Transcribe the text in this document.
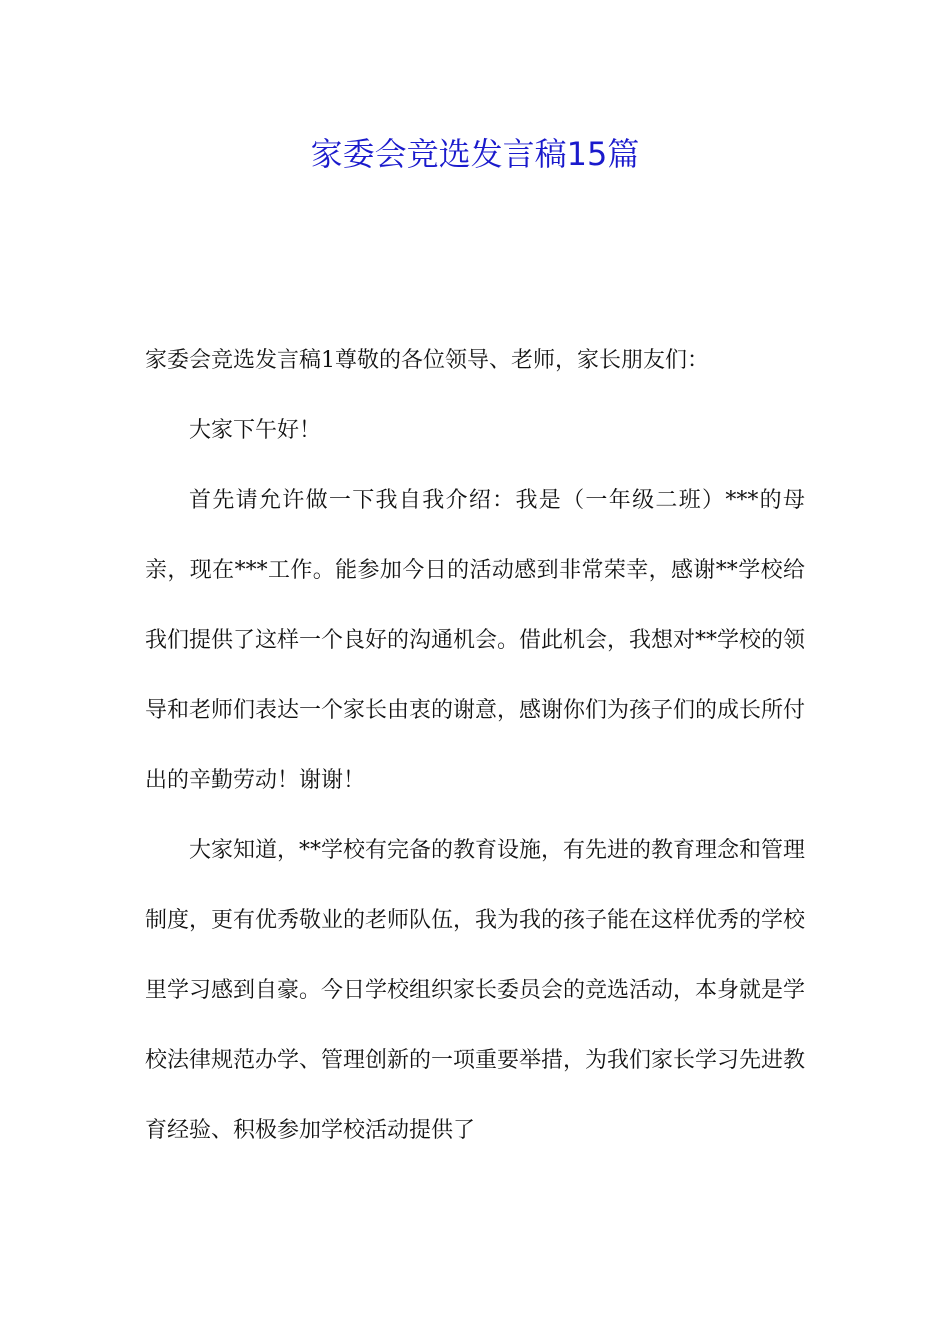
家委会竞选发言稿15篇

家委会竞选发言稿1尊敬的各位领导、老师，家长朋友们：

大家下午好！

首先请允许做一下我自我介绍：我是（一年级二班）***的母亲，现在***工作。能参加今日的活动感到非常荣幸，感谢**学校给我们提供了这样一个良好的沟通机会。借此机会，我想对**学校的领导和老师们表达一个家长由衷的谢意，感谢你们为孩子们的成长所付出的辛勤劳动！谢谢！

大家知道，**学校有完备的教育设施，有先进的教育理念和管理制度，更有优秀敬业的老师队伍，我为我的孩子能在这样优秀的学校里学习感到自豪。今日学校组织家长委员会的竞选活动，本身就是学校法律规范办学、管理创新的一项重要举措，为我们家长学习先进教育经验、积极参加学校活动提供了
